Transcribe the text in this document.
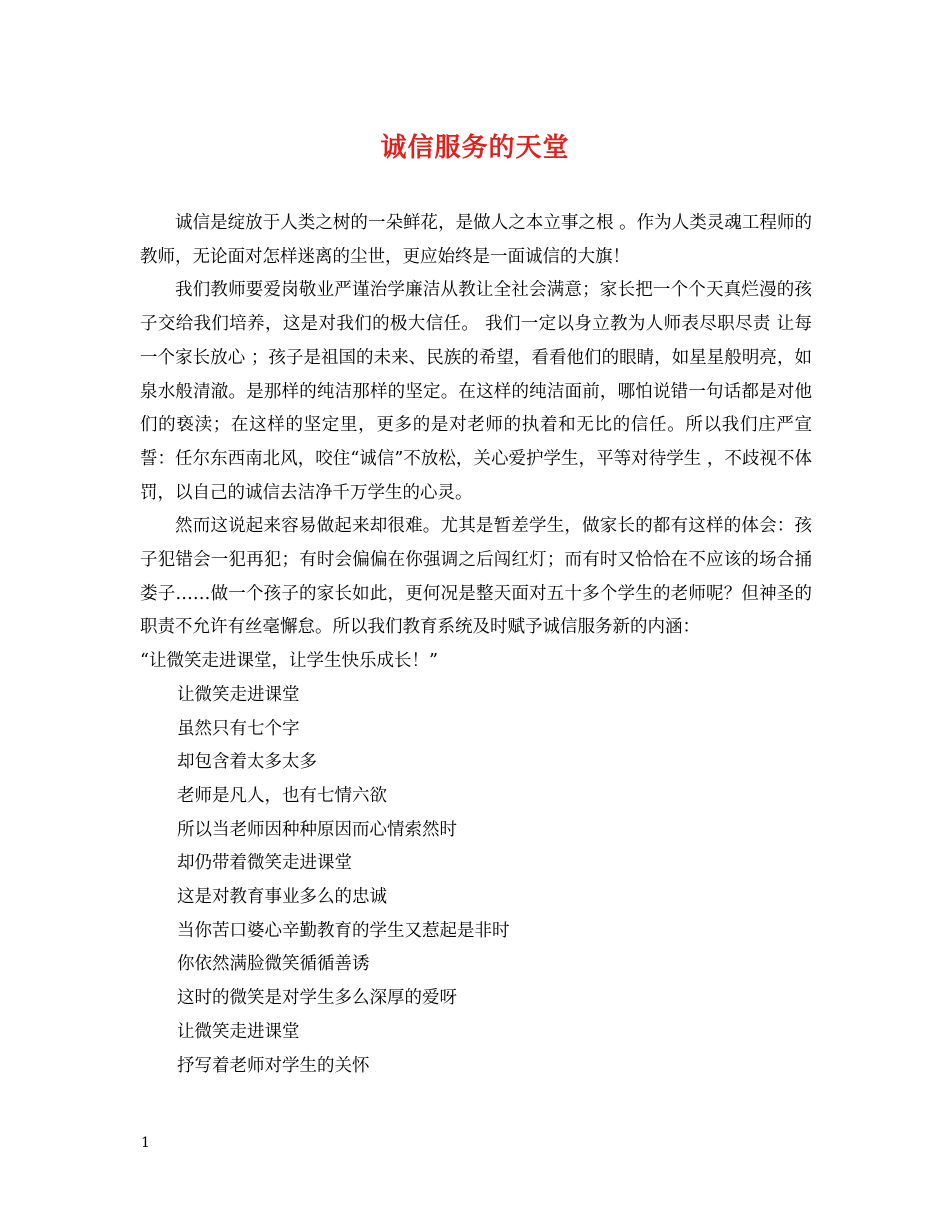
诚信服务的天堂

诚信是绽放于人类之树的一朵鲜花，是做人之本立事之根 。作为人类灵魂工程师的教师，无论面对怎样迷离的尘世，更应始终是一面诚信的大旗！

我们教师要爱岗敬业严谨治学廉洁从教让全社会满意；家长把一个个天真烂漫的孩子交给我们培养，这是对我们的极大信任。 我们一定以身立教为人师表尽职尽责 让每一个家长放心 ；孩子是祖国的未来、民族的希望，看看他们的眼睛，如星星般明亮，如泉水般清澈。是那样的纯洁那样的坚定。在这样的纯洁面前，哪怕说错一句话都是对他们的亵渎；在这样的坚定里，更多的是对老师的执着和无比的信任。所以我们庄严宣誓：任尔东西南北风，咬住“诚信”不放松，关心爱护学生，平等对待学生 ，不歧视不体罚，以自己的诚信去洁净千万学生的心灵。

然而这说起来容易做起来却很难。尤其是暂差学生，做家长的都有这样的体会：孩子犯错会一犯再犯；有时会偏偏在你强调之后闯红灯；而有时又恰恰在不应该的场合捅娄子……做一个孩子的家长如此，更何况是整天面对五十多个学生的老师呢？但神圣的职责不允许有丝毫懈怠。所以我们教育系统及时赋予诚信服务新的内涵：

“让微笑走进课堂，让学生快乐成长！”

让微笑走进课堂

虽然只有七个字

却包含着太多太多

老师是凡人，也有七情六欲

所以当老师因种种原因而心情索然时

却仍带着微笑走进课堂

这是对教育事业多么的忠诚

当你苦口婆心辛勤教育的学生又惹起是非时

你依然满脸微笑循循善诱

这时的微笑是对学生多么深厚的爱呀

让微笑走进课堂

抒写着老师对学生的关怀

1
